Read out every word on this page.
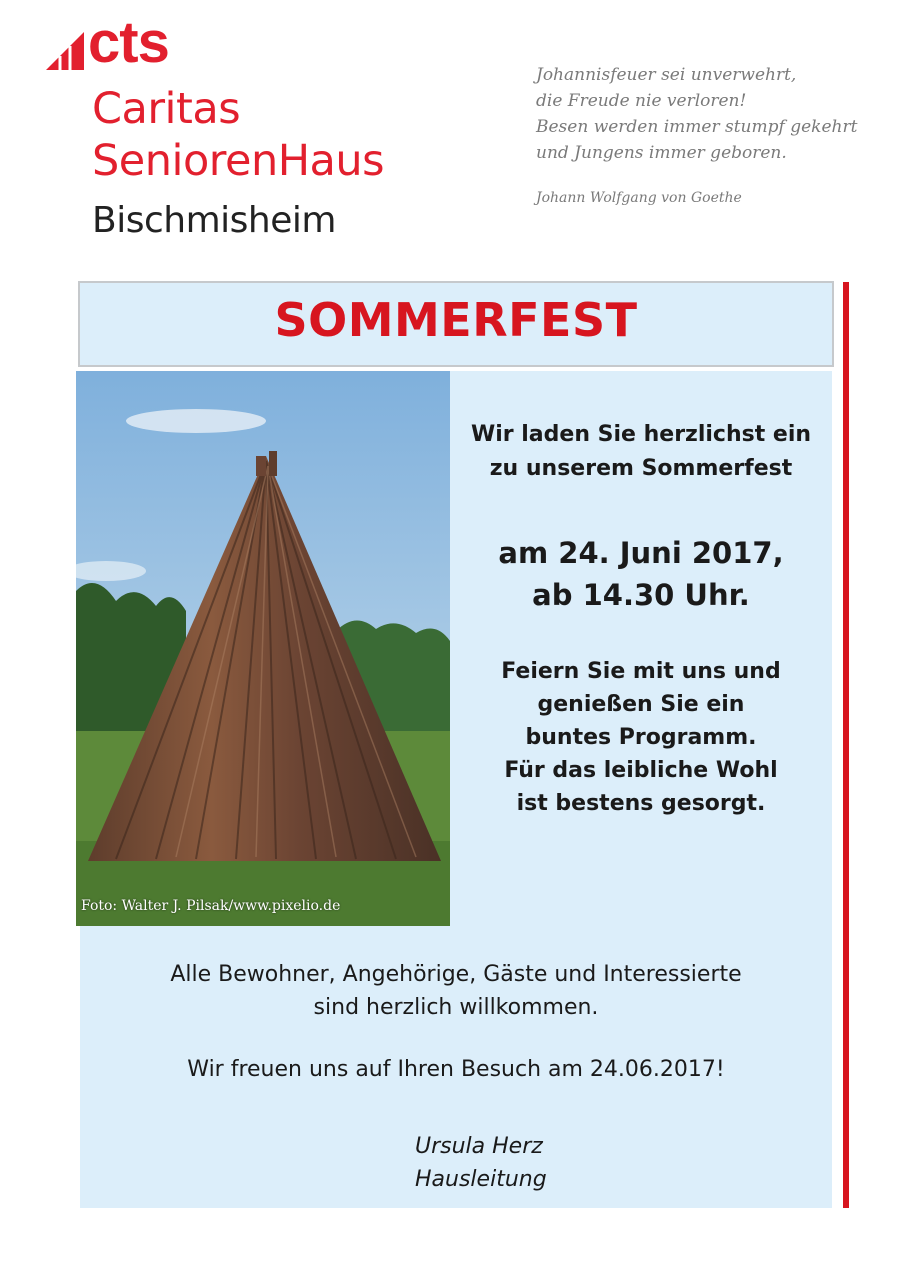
cts
Caritas
SeniorenHaus
Bischmisheim
Johannisfeuer sei unverwehrt,
die Freude nie verloren!
Besen werden immer stumpf gekehrt
und Jungens immer geboren.
Johann Wolfgang von Goethe
SOMMERFEST
Foto: Walter J. Pilsak/www.pixelio.de
Wir laden Sie herzlichst ein
zu unserem Sommerfest
am 24. Juni 2017,
ab 14.30 Uhr.
Feiern Sie mit uns und
genießen Sie ein
buntes Programm.
Für das leibliche Wohl
ist bestens gesorgt.
Alle Bewohner, Angehörige, Gäste und Interessierte
sind herzlich willkommen.
Wir freuen uns auf Ihren Besuch am 24.06.2017!
Ursula Herz
Hausleitung
